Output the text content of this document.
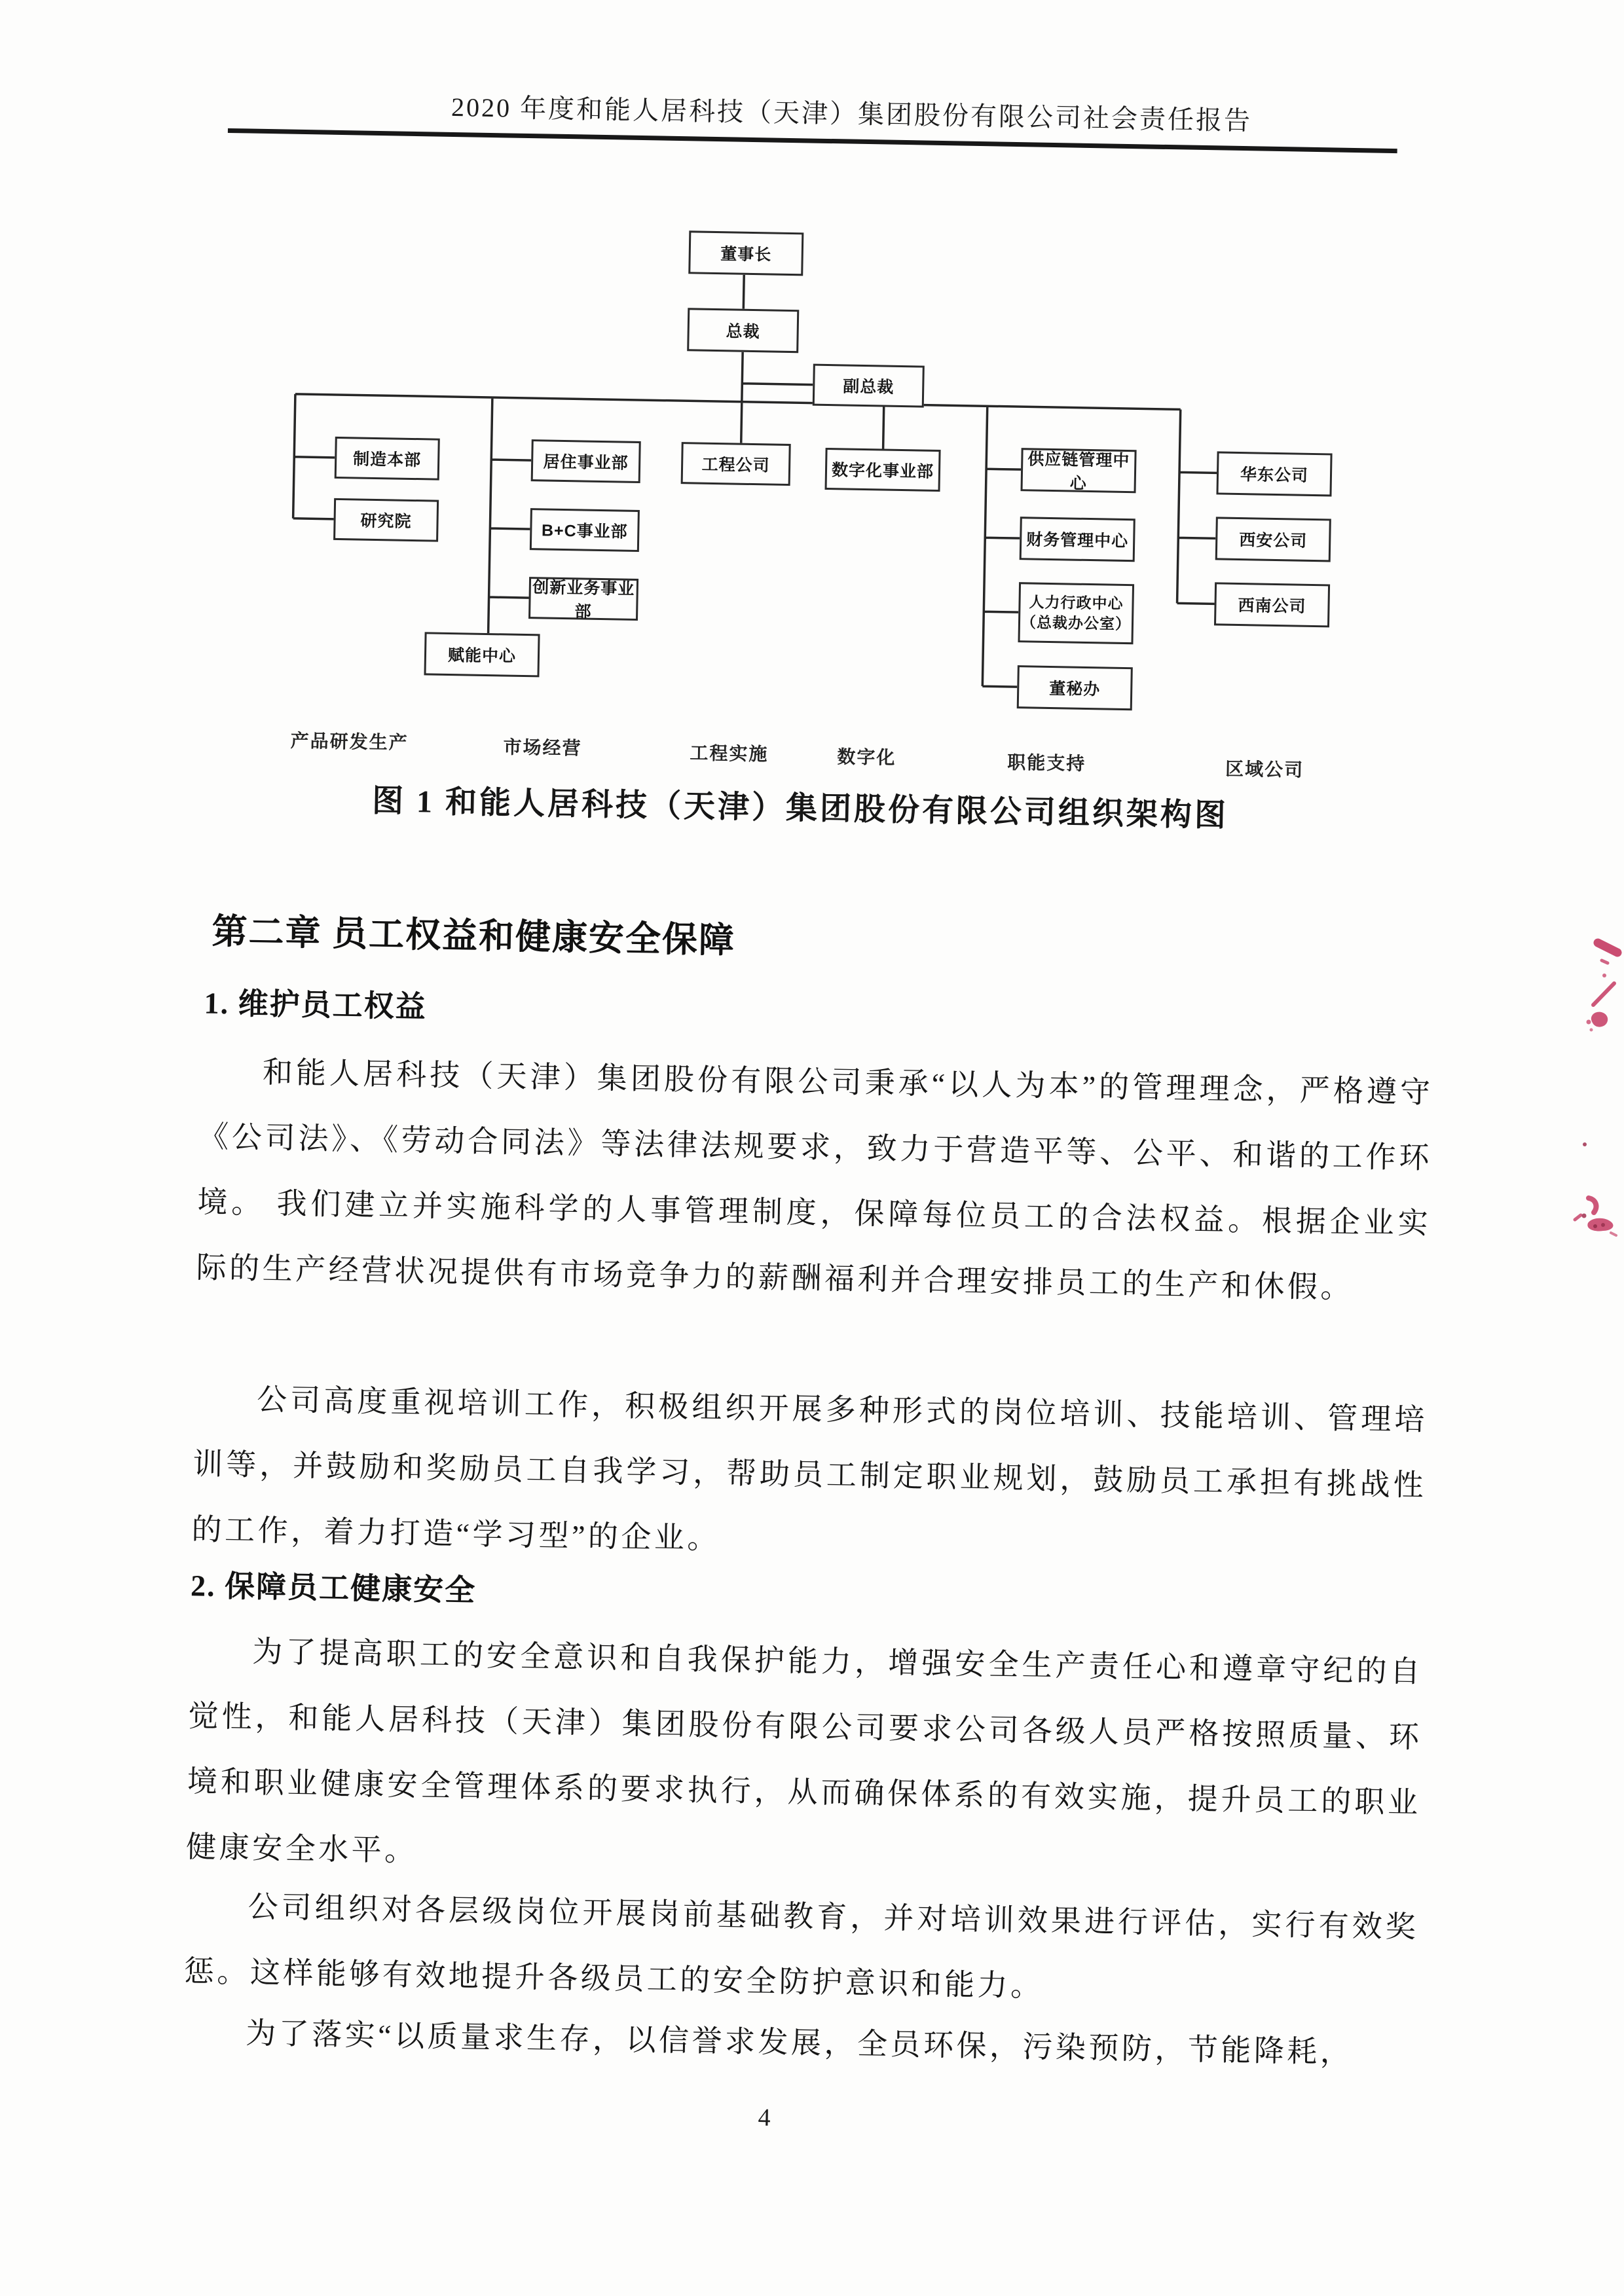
2020 年度和能人居科技（天津）集团股份有限公司社会责任报告
董事长
总裁
副总裁
制造本部
研究院
居住事业部
B+C事业部
创新业务事业部
赋能中心
工程公司	数字化事业部
供应链管理中心
财务管理中心
人力行政中心
（总裁办公室）
董秘办
华东公司
西安公司
西南公司
产品研发生产	市场经营	工程实施	数字化	职能支持	区域公司
图 1 和能人居科技（天津）集团股份有限公司组织架构图
第二章 员工权益和健康安全保障
1. 维护员工权益

和能人居科技（天津）集团股份有限公司秉承“以人为本”的管理理念，严格遵守《公司法》、《劳动合同法》等法律法规要求，致力于营造平等、公平、和谐的工作环境。 我们建立并实施科学的人事管理制度，保障每位员工的合法权益。根据企业实际的生产经营状况提供有市场竞争力的薪酬福利并合理安排员工的生产和休假。

公司高度重视培训工作，积极组织开展多种形式的岗位培训、技能培训、管理培训等，并鼓励和奖励员工自我学习，帮助员工制定职业规划，鼓励员工承担有挑战性的工作，着力打造“学习型”的企业。

2. 保障员工健康安全

为了提高职工的安全意识和自我保护能力，增强安全生产责任心和遵章守纪的自觉性，和能人居科技（天津）集团股份有限公司要求公司各级人员严格按照质量、环境和职业健康安全管理体系的要求执行，从而确保体系的有效实施，提升员工的职业健康安全水平。

公司组织对各层级岗位开展岗前基础教育，并对培训效果进行评估，实行有效奖惩。这样能够有效地提升各级员工的安全防护意识和能力。

为了落实“以质量求生存，以信誉求发展，全员环保，污染预防，节能降耗，

4
